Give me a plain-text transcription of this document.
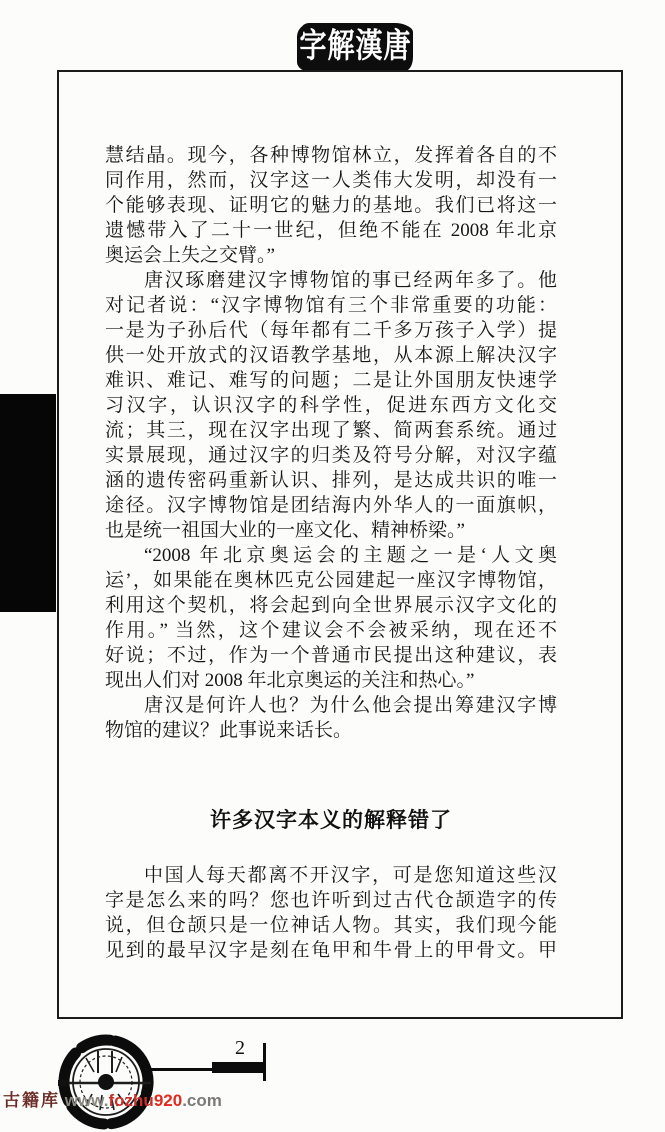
字 解 漢 唐
慧结晶。现今，各种博物馆林立，发挥着各自的不
同作用，然而，汉字这一人类伟大发明，却没有一
个能够表现、证明它的魅力的基地。我们已将这一
遗憾带入了二十一世纪，但绝不能在 2008 年北京
奥运会上失之交臂。”
唐汉琢磨建汉字博物馆的事已经两年多了。他
对记者说：“汉字博物馆有三个非常重要的功能：
一是为子孙后代（每年都有二千多万孩子入学）提
供一处开放式的汉语教学基地，从本源上解决汉字
难识、难记、难写的问题；二是让外国朋友快速学
习汉字，认识汉字的科学性，促进东西方文化交
流；其三，现在汉字出现了繁、简两套系统。通过
实景展现，通过汉字的归类及符号分解，对汉字蕴
涵的遗传密码重新认识、排列，是达成共识的唯一
途径。汉字博物馆是团结海内外华人的一面旗帜，
也是统一祖国大业的一座文化、精神桥梁。”
“2008 年北京奥运会的主题之一是‘人文奥
运’，如果能在奥林匹克公园建起一座汉字博物馆，
利用这个契机，将会起到向全世界展示汉字文化的
作用。” 当然，这个建议会不会被采纳，现在还不
好说；不过，作为一个普通市民提出这种建议，表
现出人们对 2008 年北京奥运的关注和热心。”
唐汉是何许人也？为什么他会提出筹建汉字博
物馆的建议？此事说来话长。
许多汉字本义的解释错了
中国人每天都离不开汉字，可是您知道这些汉
字是怎么来的吗？您也许听到过古代仓颉造字的传
说，但仓颉只是一位神话人物。其实，我们现今能
见到的最早汉字是刻在龟甲和牛骨上的甲骨文。甲
2
古籍库 www.fozhu920.com
